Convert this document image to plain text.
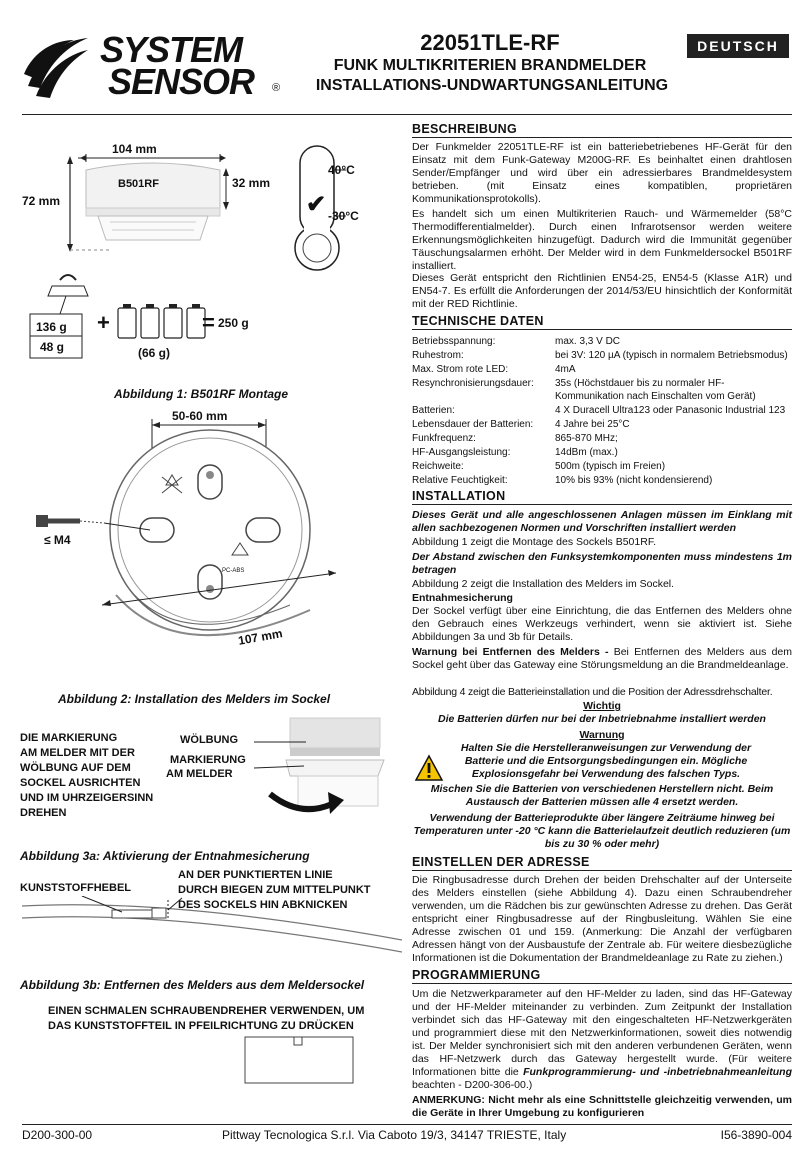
SYSTEM
SENSOR ®
22051TLE-RF
FUNK MULTIKRITERIEN BRANDMELDER
INSTALLATIONS-UNDWARTUNGSANLEITUNG
DEUTSCH
104 mm
72 mm
32 mm
B501RF
40°C
-30°C
✔
136 g
48 g
+	= 250 g
(66 g)
Abbildung 1: B501RF Montage
50-60 mm
107 mm
≤ M4
PC-ABS
Abbildung 2: Installation des Melders im Sockel
DIE MARKIERUNG
AM MELDER MIT DER
WÖLBUNG AUF DEM
SOCKEL AUSRICHTEN
UND IM UHRZEIGERSINN
DREHEN
WÖLBUNG
MARKIERUNG
AM MELDER
Abbildung 3a: Aktivierung der Entnahmesicherung
KUNSTSTOFFHEBEL
AN DER PUNKTIERTEN LINIE
DURCH BIEGEN ZUM MITTELPUNKT
DES SOCKELS HIN ABKNICKEN
Abbildung 3b: Entfernen des Melders aus dem Meldersockel
EINEN SCHMALEN SCHRAUBENDREHER VERWENDEN, UM
DAS KUNSTSTOFFTEIL IN PFEILRICHTUNG ZU DRÜCKEN
BESCHREIBUNG
Der Funkmelder 22051TLE-RF ist ein batteriebetriebenes HF-Gerät für den Einsatz mit dem Funk-Gateway M200G-RF. Es beinhaltet einen drahtlosen Sender/Empfänger und wird über ein adressierbares Brandmeldesystem betrieben. (mit Einsatz eines kompatiblen, proprietären Kommunikationsprotokolls).
Es handelt sich um einen Multikriterien Rauch- und Wärmemelder (58°C Thermodifferentialmelder). Durch einen Infrarotsensor werden weitere Erkennungsmöglichkeiten hinzugefügt. Dadurch wird die Immunität gegenüber Täuschungsalarmen erhöht. Der Melder wird in dem Funkmeldersockel B501RF installiert.
Dieses Gerät entspricht den Richtlinien EN54-25, EN54-5 (Klasse A1R) und EN54-7. Es erfüllt die Anforderungen der 2014/53/EU hinsichtlich der Konformität mit der RED Richtlinie.
TECHNISCHE DATEN
Betriebsspannung:	max. 3,3 V DC
Ruhestrom:	bei 3V: 120 µA (typisch in normalem Betriebsmodus)
Max. Strom rote LED:	4mA
Resynchronisierungsdauer:	35s (Höchstdauer bis zu normaler HF-
Kommunikation nach Einschalten vom Gerät)
Batterien:	4 X Duracell Ultra123 oder Panasonic Industrial 123
Lebensdauer der Batterien:	4 Jahre bei 25°C
Funkfrequenz:	865-870 MHz;
HF-Ausgangsleistung:	14dBm (max.)
Reichweite:	500m (typisch im Freien)
Relative Feuchtigkeit:	10% bis 93% (nicht kondensierend)
INSTALLATION
Dieses Gerät und alle angeschlossenen Anlagen müssen im Einklang mit allen sachbezogenen Normen und Vorschriften installiert werden
Abbildung 1 zeigt die Montage des Sockels B501RF.
Der Abstand zwischen den Funksystemkomponenten muss mindestens 1m betragen
Abbildung 2 zeigt die Installation des Melders im Sockel.
Entnahmesicherung
Der Sockel verfügt über eine Einrichtung, die das Entfernen des Melders ohne den Gebrauch eines Werkzeugs verhindert, wenn sie aktiviert ist. Siehe Abbildungen 3a und 3b für Details.
Warnung bei Entfernen des Melders - Bei Entfernen des Melders aus dem Sockel geht über das Gateway eine Störungsmeldung an die Brandmeldeanlage.
Abbildung 4 zeigt die Batterieinstallation und die Position der Adressdrehschalter.
Wichtig
Die Batterien dürfen nur bei der Inbetriebnahme installiert werden
Warnung
Halten Sie die Herstelleranweisungen zur Verwendung der Batterie und die Entsorgungsbedingungen ein. Mögliche Explosionsgefahr bei Verwendung des falschen Typs.
Mischen Sie die Batterien von verschiedenen Herstellern nicht. Beim Austausch der Batterien müssen alle 4 ersetzt werden.
Verwendung der Batterieprodukte über längere Zeiträume hinweg bei Temperaturen unter -20 °C kann die Batterielaufzeit deutlich reduzieren (um bis zu 30 % oder mehr)
EINSTELLEN DER ADRESSE
Die Ringbusadresse durch Drehen der beiden Drehschalter auf der Unterseite des Melders einstellen (siehe Abbildung 4). Dazu einen Schraubendreher verwenden, um die Rädchen bis zur gewünschten Adresse zu drehen. Das Gerät entspricht einer Ringbusadresse auf der Ringbusleitung. Wählen Sie eine Adresse zwischen 01 und 159. (Anmerkung: Die Anzahl der verfügbaren Adressen hängt von der Ausbaustufe der Zentrale ab. Für weitere diesbezügliche Informationen ist die Dokumentation der Brandmeldeanlage zu Rate zu ziehen.)
PROGRAMMIERUNG
Um die Netzwerkparameter auf den HF-Melder zu laden, sind das HF-Gateway und der HF-Melder miteinander zu verbinden. Zum Zeitpunkt der Installation verbindet sich das HF-Gateway mit den eingeschalteten HF-Netzwerkgeräten und programmiert diese mit den Netzwerkinformationen, soweit dies notwendig ist. Der Melder synchronisiert sich mit den anderen verbundenen Geräten, wenn das HF-Netzwerk durch das Gateway hergestellt wurde. (Für weitere Informationen bitte die Funkprogrammierung- und -inbetriebnahmeanleitung beachten - D200-306-00.)
ANMERKUNG: Nicht mehr als eine Schnittstelle gleichzeitig verwenden, um die Geräte in Ihrer Umgebung zu konfigurieren
D200-300-00	Pittway Tecnologica S.r.l. Via Caboto 19/3, 34147 TRIESTE, Italy	I56-3890-004
